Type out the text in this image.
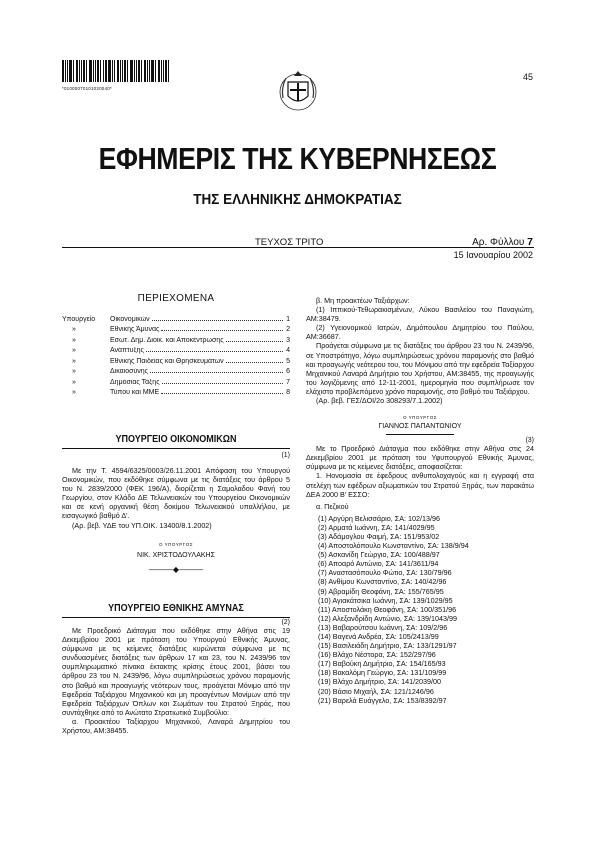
*01000070101020040*
45
ΕΦΗΜΕΡΙΣ ΤΗΣ ΚΥΒΕΡΝΗΣΕΩΣ
ΤΗΣ ΕΛΛΗΝΙΚΗΣ ΔΗΜΟΚΡΑΤΙΑΣ
ΤΕΥΧΟΣ ΤΡΙΤΟ	Αρ. Φύλλου 7
15 Ιανουαρίου 2002
ΠΕΡΙΕΧΟΜΕΝΑ
Υπουργείο	Οικονομικών	1
»	Εθνικής Άμυνας	2
»	Εσωτ. Δημ. Διοίκ. και Αποκέντρωσης	3
»	Ανάπτυξης	4
»	Εθνικής Παιδείας και Θρησκευμάτων	5
»	Δικαιοσύνης	6
»	Δημόσιας Τάξης	7
»	Τύπου και ΜΜΕ	8
ΥΠΟΥΡΓΕΙΟ ΟΙΚΟΝΟΜΙΚΩΝ
(1)
Με την Τ. 4594/6325/0003/26.11.2001 Απόφαση του Υπουργού Οικονομικών, που εκδόθηκε σύμφωνα με τις διατάξεις του άρθρου 5 του Ν. 2839/2000 (ΦΕΚ 196/Α), διορίζεται η Σαμολαδου Φανή του Γεωργίου, στον Κλάδο ΔΕ Τελωνειακών του Υπουργείου Οικονομικών και σε κενή οργανική θέση δοκίμου Τελωνειακού υπαλλήλου, με εισαγωγικό βαθμό Δ'.
(Αρ. βεβ. ΥΔΕ του ΥΠ.ΟΙΚ. 13400/8.1.2002)
Ο ΥΠΟΥΡΓΟΣ
ΝΙΚ. ΧΡΙΣΤΟΔΟΥΛΑΚΗΣ
———◆———
ΥΠΟΥΡΓΕΙΟ ΕΘΝΙΚΗΣ ΑΜΥΝΑΣ
(2)
Με Προεδρικό Διάταγμα που εκδόθηκε στην Αθήνα στις 19 Δεκεμβρίου 2001 με πρόταση του Υπουργού Εθνικής Άμυνας, σύμφωνα με τις κείμενες διατάξεις κυρώνεται σύμφωνα με τις συνδυασμένες διατάξεις των άρθρων 17 και 23, του Ν. 2439/96 τον συμπληρωματικό πίνακα έκτακτης κρίσης έτους 2001, βάσει του άρθρου 23 του Ν. 2439/96, λόγω συμπληρώσεως χρόνου παραμονής στο βαθμό και προαγωγής νεότερων τους, προάγεται Μόνιμο από την Εφεδρεία Ταξιάρχου Μηχανικού και μη προαγέντων Μονίμων από την Εφεδρεία Ταξιάρχων Όπλων και Σωμάτων του Στρατού Ξηράς, που συντάχθηκε από το Ανώτατο Στρατιωτικό Συμβούλιο:
α. Προακτέου Ταξίαρχου Μηχανικού, Λαναρά Δημητρίου του Χρήστου, ΑΜ:38455.
β. Μη προακτέων Ταξιάρχων:
(1) Ιππικού-Τεθωρακισμένων, Λύκου Βασιλείου του Παναγιώτη, ΑΜ:38479.
(2) Υγειονομικού Ιατρών, Δημόπουλου Δημητρίου του Παύλου, ΑΜ:36687.
Προάγεται σύμφωνα με τις διατάξεις του άρθρου 23 του Ν. 2439/96, σε Υποστράτηγο, λόγω συμπληρώσεως χρόνου παραμονής στο βαθμό και προαγωγής νεότερου του, του Μόνιμου από την εφεδρεία Ταξίαρχου Μηχανικού Λαναρά Δημήτριο του Χρήστου, ΑΜ:38455, της προαγωγής του λογιζόμενης από 12-11-2001, ημερομηνία που συμπλήρωσε τον ελάχιστο προβλεπόμενο χρόνο παραμονής, στο βαθμό του Ταξιάρχου.
(Αρ. βεβ. ΓΕΣ/ΔΟΙ/2ο 308293/7.1.2002)
Ο ΥΠΟΥΡΓΟΣ
ΓΙΑΝΝΟΣ ΠΑΠΑΝΤΩΝΙΟΥ
(3)
Με το Προεδρικό Διάταγμα που εκδόθηκε στην Αθήνα στις 24 Δεκεμβρίου 2001 με πρόταση του Υφυπουργού Εθνικής Άμυνας, σύμφωνα με τις κείμενες διατάξεις, αποφασίζεται:
1. Ηονομασία σε έφεδρους ανθυπολοχαγούς και η εγγραφή στα στελέχη των εφέδρων αξιωματικών του Στρατού Ξηράς, των παρακάτω ΔΕΑ 2000 Β' ΕΣΣΟ:
α. Πεζικού
(1) Αργύρη Βελισσάριο, ΣΑ: 102/13/96
(2) Αρματά Ιωάννη, ΣΑ: 141/4029/95
(3) Αδάμογλου Φαιμή, ΣΑ: 151/953/02
(4) Αποστολόπουλο Κωνσταντίνο, ΣΑ: 138/9/94
(5) Ασκανίδη Γεώργιο, ΣΑ: 100/488/97
(6) Αποαρό Αντώνιο, ΣΑ: 141/3611/94
(7) Αναστασόπουλο Φώτιο, ΣΑ: 130/79/96
(8) Ανθίμου Κωνσταντίνο, ΣΑ: 140/42/96
(9) Αβραμίδη Θεοφάνη, ΣΑ: 155/765/95
(10) Αγιακάτσικα Ιωάννη, ΣΑ: 139/1029/95
(11) Αποστολάκη Θεοφάνη, ΣΑ: 100/351/96
(12) Αλεξανδρίδη Αντώνιο, ΣΑ: 139/1043/99
(13) Βαβαρούτσου Ιωάννη, ΣΑ: 109/2/96
(14) Βαγενά Ανδρέα, ΣΑ: 105/2413/99
(15) Βασιλειάδη Δημήτριο, ΣΑ: 133/1291/97
(16) Βλάχο Νέστορα, ΣΑ: 152/297/96
(17) Βαβούκη Δημήτριο, ΣΑ: 154/165/93
(18) Βακαλόμη Γεώργιο, ΣΑ: 131/109/99
(19) Βλάχο Δημήτριο, ΣΑ: 141/2039/00
(20) Βάσιο Μιχαήλ, ΣΑ: 121/1246/96
(21) Βαρελά Ευάγγελο, ΣΑ: 153/8392/97
